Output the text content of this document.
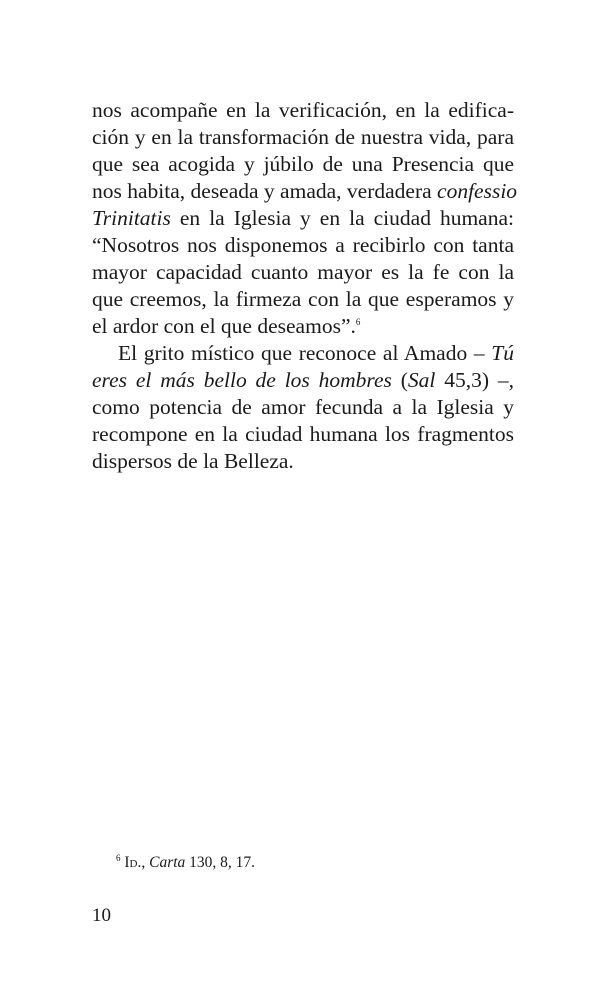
nos acompañe en la verificación, en la edifica-
ción y en la transformación de nuestra vida, para
que sea acogida y júbilo de una Presencia que
nos habita, deseada y amada, verdadera confessio
Trinitatis en la Iglesia y en la ciudad humana:
“Nosotros nos disponemos a recibirlo con tanta
mayor capacidad cuanto mayor es la fe con la
que creemos, la firmeza con la que esperamos y
el ardor con el que deseamos”.$^6$
El grito místico que reconoce al Amado – Tú
eres el más bello de los hombres (Sal 45,3) –,
como potencia de amor fecunda a la Iglesia y
recompone en la ciudad humana los fragmentos
dispersos de la Belleza.
$^6$ Id., Carta 130, 8, 17.
10
